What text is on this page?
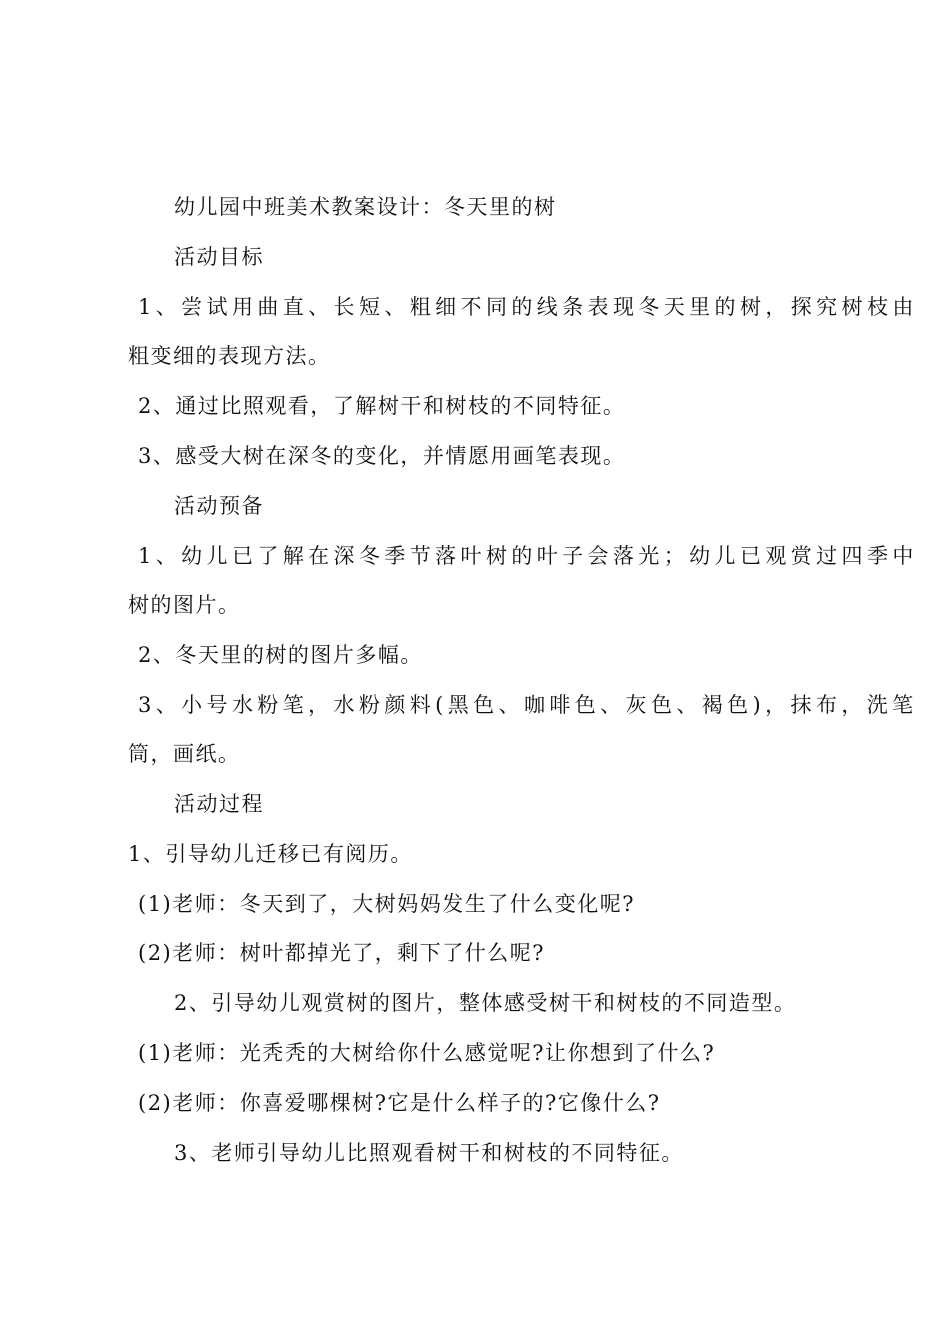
幼儿园中班美术教案设计：冬天里的树
活动目标
1、尝试用曲直、长短、粗细不同的线条表现冬天里的树，探究树枝由
粗变细的表现方法。
2、通过比照观看，了解树干和树枝的不同特征。
3、感受大树在深冬的变化，并情愿用画笔表现。
活动预备
1、幼儿已了解在深冬季节落叶树的叶子会落光；幼儿已观赏过四季中
树的图片。
2、冬天里的树的图片多幅。
3、小号水粉笔，水粉颜料(黑色、咖啡色、灰色、褐色)，抹布，洗笔
筒，画纸。
活动过程
1、引导幼儿迁移已有阅历。
(1)老师：冬天到了，大树妈妈发生了什么变化呢?
(2)老师：树叶都掉光了，剩下了什么呢?
2、引导幼儿观赏树的图片，整体感受树干和树枝的不同造型。
(1)老师：光秃秃的大树给你什么感觉呢?让你想到了什么?
(2)老师：你喜爱哪棵树?它是什么样子的?它像什么?
3、老师引导幼儿比照观看树干和树枝的不同特征。
